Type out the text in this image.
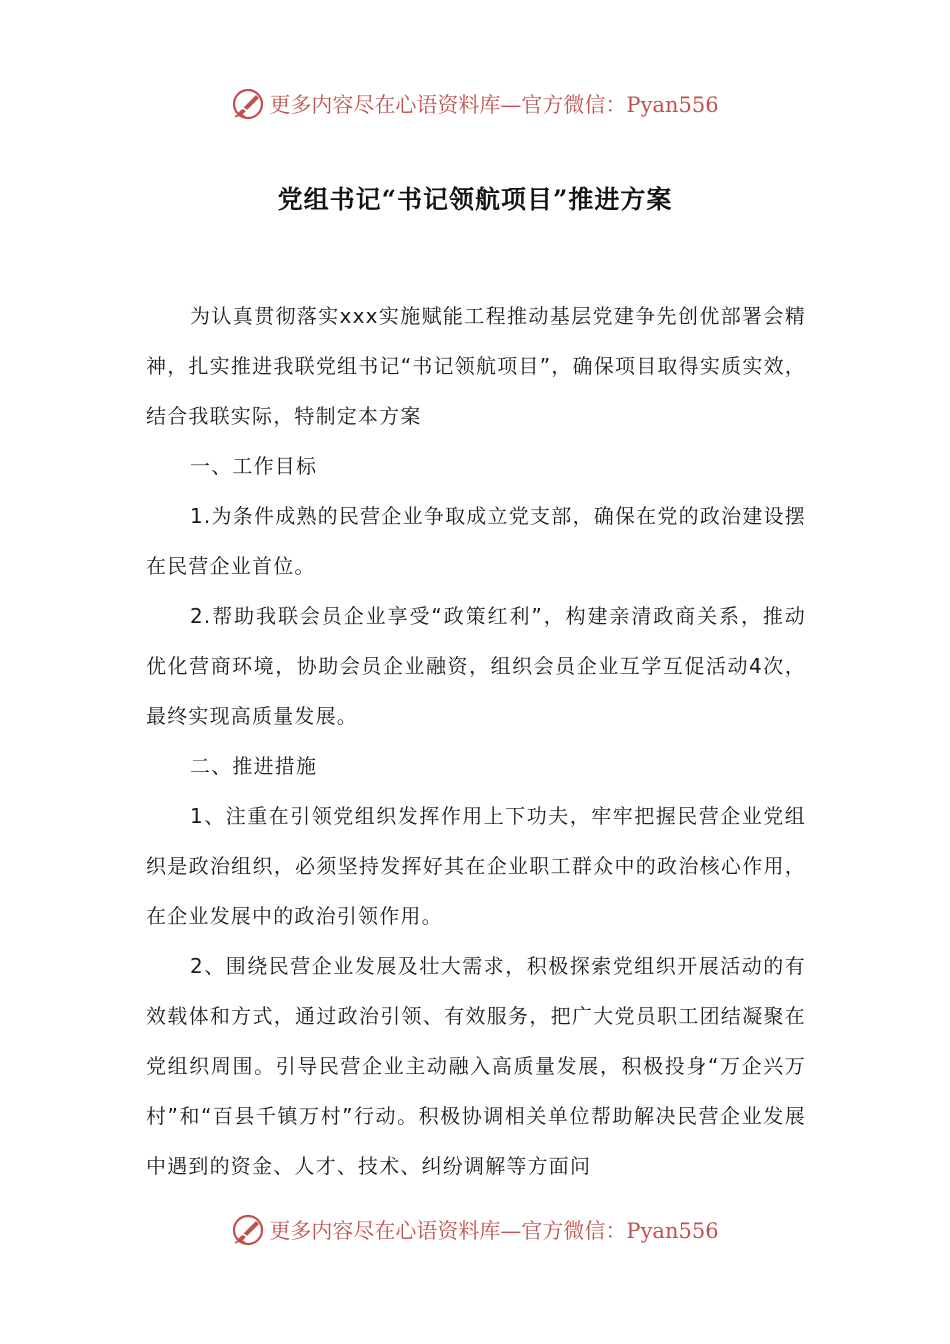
更多内容尽在心语资料库—官方微信：Pyan556
党组书记“书记领航项目”推进方案

为认真贯彻落实xxx实施赋能工程推动基层党建争先创优部署会精神，扎实推进我联党组书记“书记领航项目”，确保项目取得实质实效，结合我联实际，特制定本方案

一、工作目标

1.为条件成熟的民营企业争取成立党支部，确保在党的政治建设摆在民营企业首位。

2.帮助我联会员企业享受“政策红利”，构建亲清政商关系，推动优化营商环境，协助会员企业融资，组织会员企业互学互促活动4次，最终实现高质量发展。

二、推进措施

1、注重在引领党组织发挥作用上下功夫，牢牢把握民营企业党组织是政治组织，必须坚持发挥好其在企业职工群众中的政治核心作用，在企业发展中的政治引领作用。

2、围绕民营企业发展及壮大需求，积极探索党组织开展活动的有效载体和方式，通过政治引领、有效服务，把广大党员职工团结凝聚在党组织周围。引导民营企业主动融入高质量发展，积极投身“万企兴万村”和“百县千镇万村”行动。积极协调相关单位帮助解决民营企业发展中遇到的资金、人才、技术、纠纷调解等方面问

更多内容尽在心语资料库—官方微信：Pyan556
